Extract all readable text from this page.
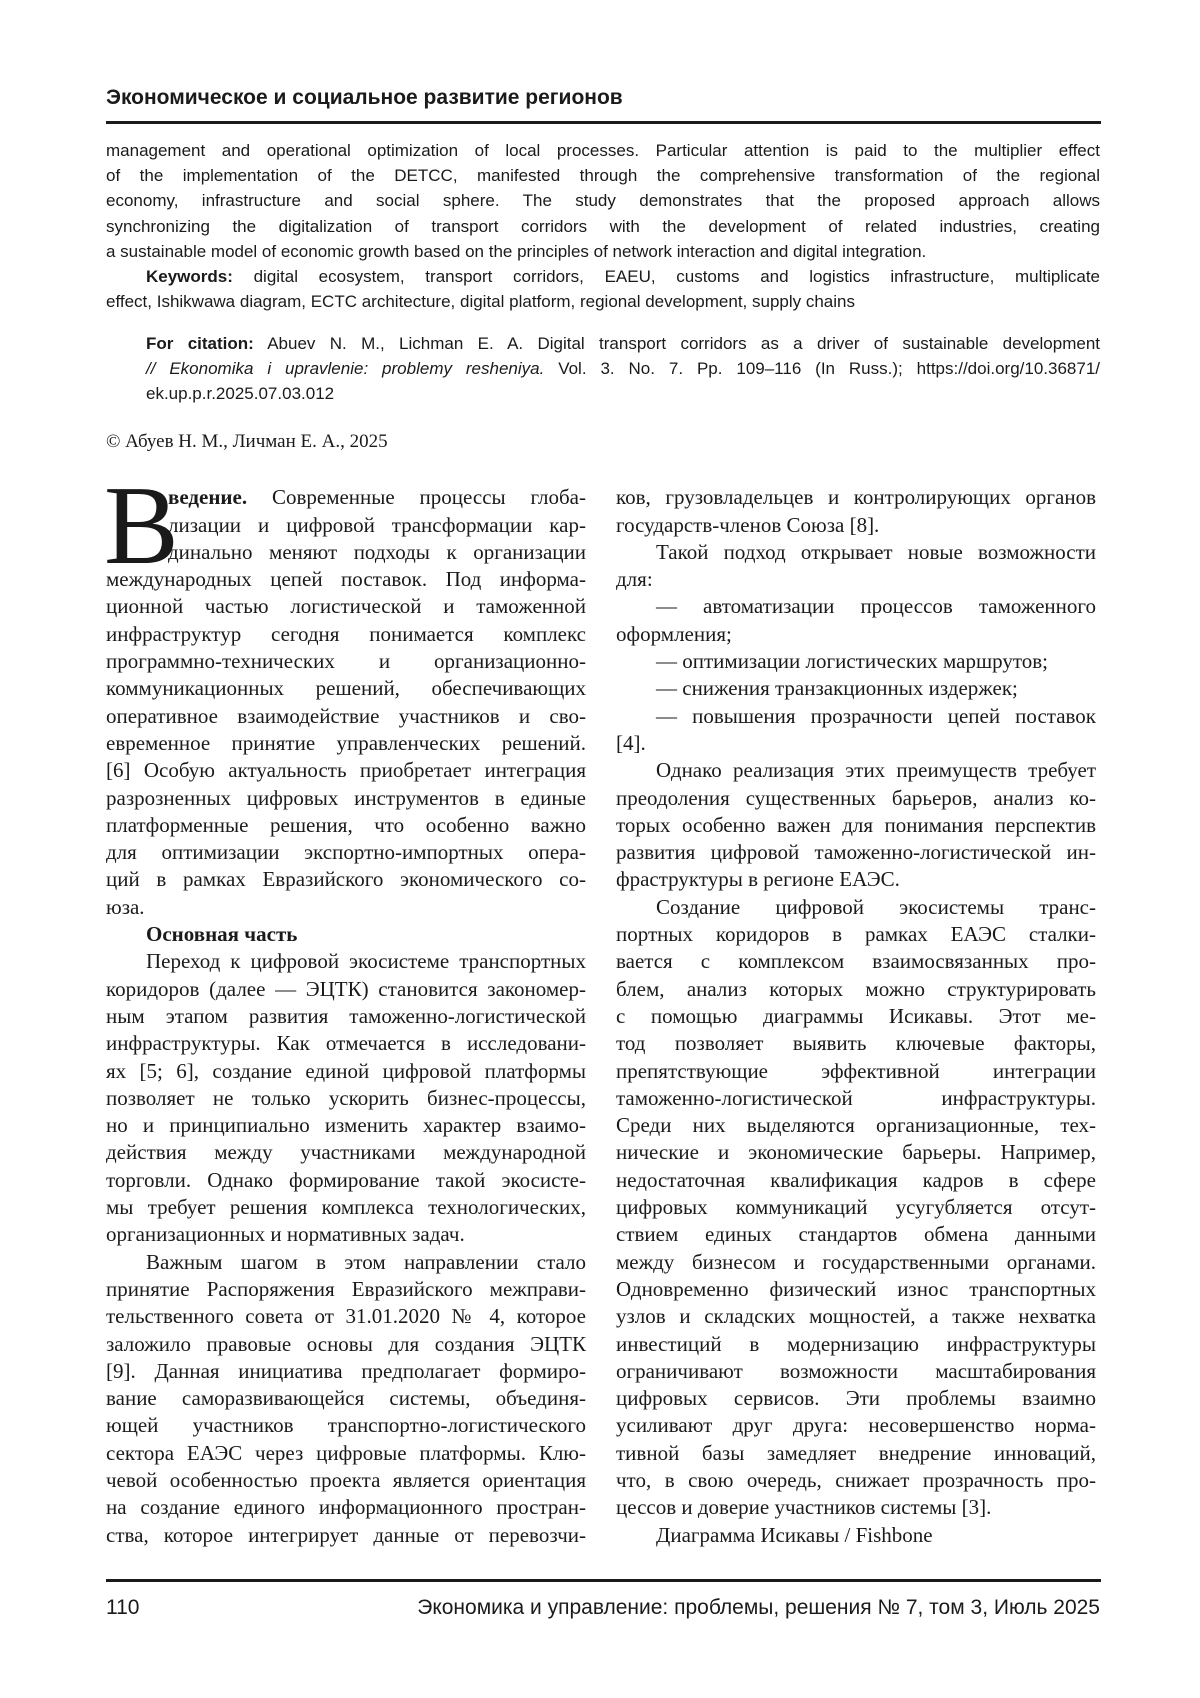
Экономическое и социальное развитие регионов
management and operational optimization of local processes. Particular attention is paid to the multiplier effect
of the implementation of the DETCC, manifested through the comprehensive transformation of the regional
economy, infrastructure and social sphere. The study demonstrates that the proposed approach allows
synchronizing the digitalization of transport corridors with the development of related industries, creating
a sustainable model of economic growth based on the principles of network interaction and digital integration.
Keywords: digital ecosystem, transport corridors, EAEU, customs and logistics infrastructure, multiplicate
effect, Ishikwawa diagram, ECTC architecture, digital platform, regional development, supply chains
For citation: Abuev N. M., Lichman E. A. Digital transport corridors as a driver of sustainable development
// Ekonomika i upravlenie: problemy resheniya. Vol. 3. No. 7. Pp. 109–116 (In Russ.); https://doi.org/10.36871/
ek.up.p.r.2025.07.03.012
© Абуев Н. М., Личман Е. А., 2025
В
ведение. Современные процессы глоба-
лизации и цифровой трансформации кар-
динально меняют подходы к организации
международных цепей поставок. Под информа-
ционной частью логистической и таможенной
инфраструктур сегодня понимается комплекс
программно-технических и организационно-
коммуникационных решений, обеспечивающих
оперативное взаимодействие участников и сво-
евременное принятие управленческих решений.
[6] Особую актуальность приобретает интеграция
разрозненных цифровых инструментов в единые
платформенные решения, что особенно важно
для оптимизации экспортно-импортных опера-
ций в рамках Евразийского экономического со-
юза.
Основная часть
Переход к цифровой экосистеме транспортных
коридоров (далее — ЭЦТК) становится закономер-
ным этапом развития таможенно-логистической
инфраструктуры. Как отмечается в исследовани-
ях [5; 6], создание единой цифровой платформы
позволяет не только ускорить бизнес-процессы,
но и принципиально изменить характер взаимо-
действия между участниками международной
торговли. Однако формирование такой экосисте-
мы требует решения комплекса технологических,
организационных и нормативных задач.
Важным шагом в этом направлении стало
принятие Распоряжения Евразийского межправи-
тельственного совета от 31.01.2020 № 4, которое
заложило правовые основы для создания ЭЦТК
[9]. Данная инициатива предполагает формиро-
вание саморазвивающейся системы, объединя-
ющей участников транспортно-логистического
сектора ЕАЭС через цифровые платформы. Клю-
чевой особенностью проекта является ориентация
на создание единого информационного простран-
ства, которое интегрирует данные от перевозчи-
ков, грузовладельцев и контролирующих органов
государств-членов Союза [8].
Такой подход открывает новые возможности
для:
— автоматизации процессов таможенного
оформления;
— оптимизации логистических маршрутов;
— снижения транзакционных издержек;
— повышения прозрачности цепей поставок
[4].
Однако реализация этих преимуществ требует
преодоления существенных барьеров, анализ ко-
торых особенно важен для понимания перспектив
развития цифровой таможенно-логистической ин-
фраструктуры в регионе ЕАЭС.
Создание цифровой экосистемы транс-
портных коридоров в рамках ЕАЭС сталки-
вается с комплексом взаимосвязанных про-
блем, анализ которых можно структурировать
с помощью диаграммы Исикавы. Этот ме-
тод позволяет выявить ключевые факторы,
препятствующие эффективной интеграции
таможенно-логистической инфраструктуры.
Среди них выделяются организационные, тех-
нические и экономические барьеры. Например,
недостаточная квалификация кадров в сфере
цифровых коммуникаций усугубляется отсут-
ствием единых стандартов обмена данными
между бизнесом и государственными органами.
Одновременно физический износ транспортных
узлов и складских мощностей, а также нехватка
инвестиций в модернизацию инфраструктуры
ограничивают возможности масштабирования
цифровых сервисов. Эти проблемы взаимно
усиливают друг друга: несовершенство норма-
тивной базы замедляет внедрение инноваций,
что, в свою очередь, снижает прозрачность про-
цессов и доверие участников системы [3].
Диаграмма Исикавы / Fishbone
110	Экономика и управление: проблемы, решения № 7, том 3, Июль 2025
